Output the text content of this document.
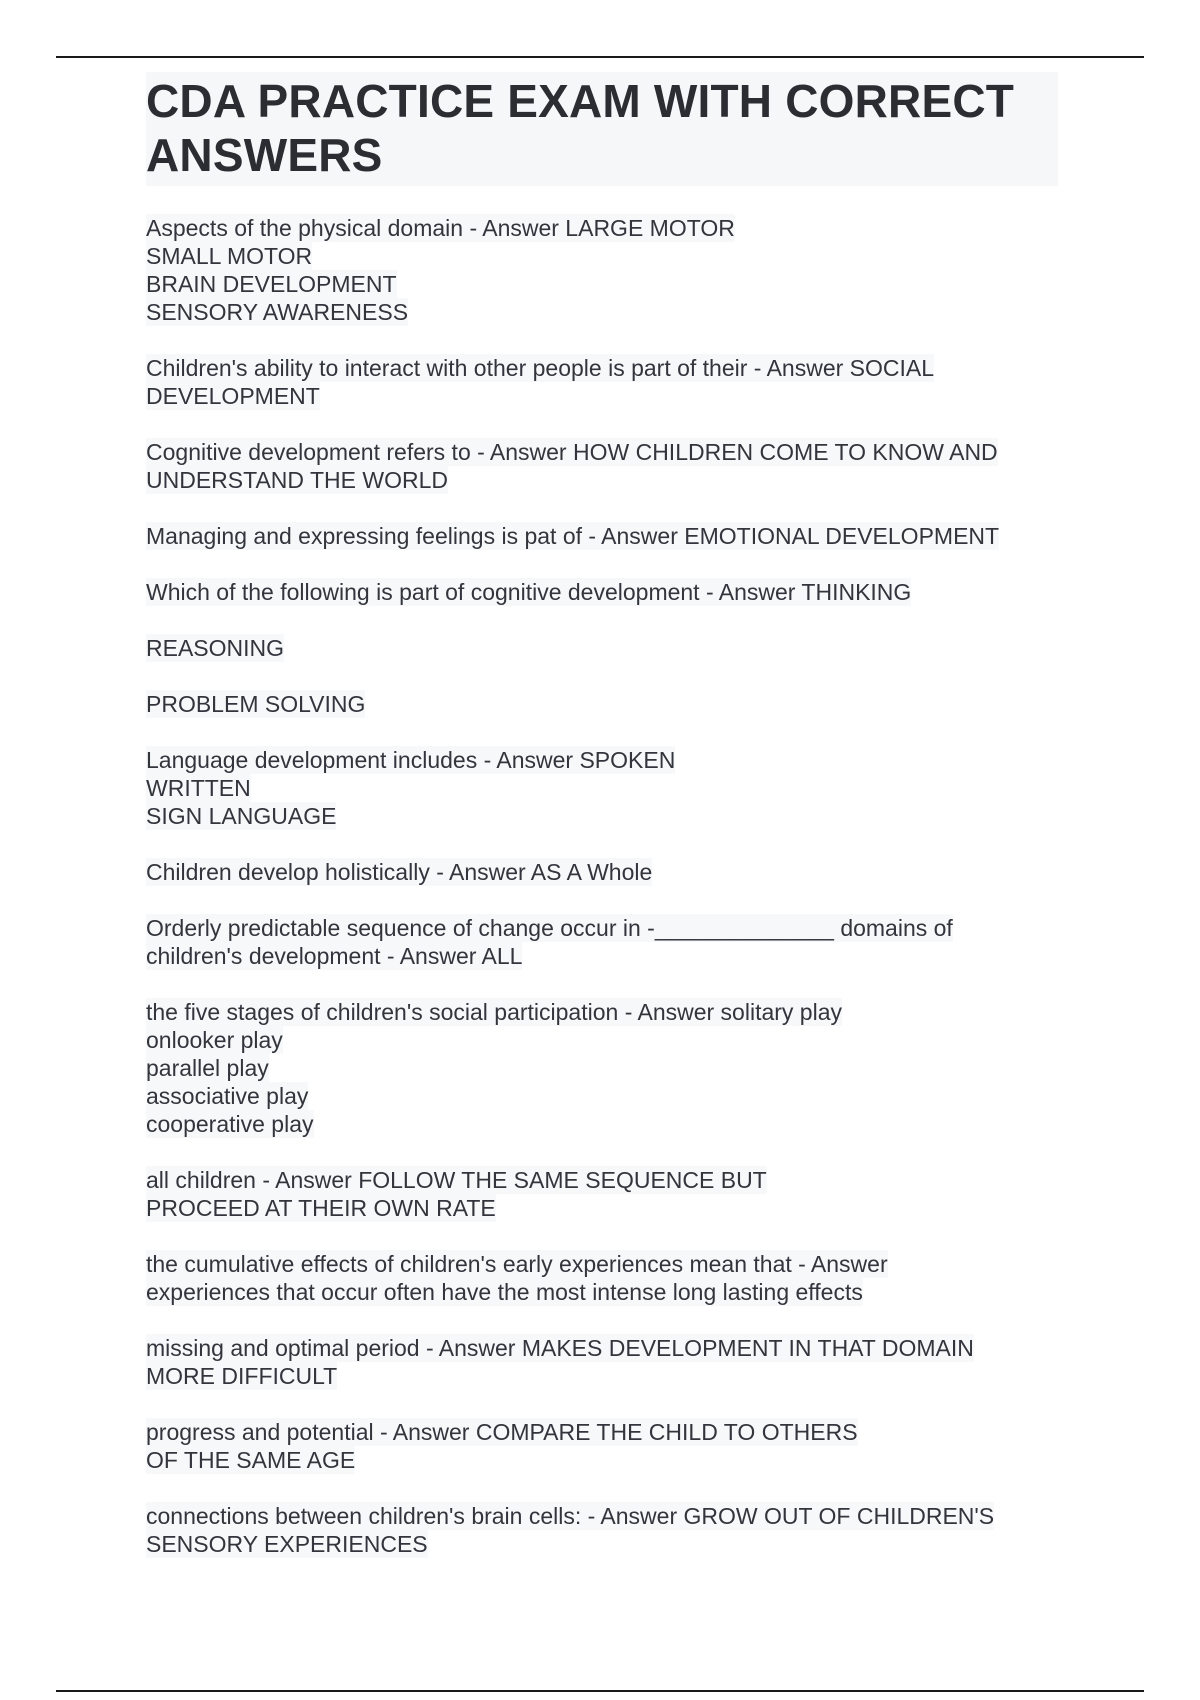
CDA PRACTICE EXAM WITH CORRECT ANSWERS
Aspects of the physical domain - Answer LARGE MOTOR
SMALL MOTOR
BRAIN DEVELOPMENT
SENSORY AWARENESS
Children's ability to interact with other people is part of their - Answer SOCIAL
DEVELOPMENT
Cognitive development refers to - Answer HOW CHILDREN COME TO KNOW AND
UNDERSTAND THE WORLD
Managing and expressing feelings is pat of - Answer EMOTIONAL DEVELOPMENT
Which of the following is part of cognitive development - Answer THINKING
REASONING
PROBLEM SOLVING
Language development includes - Answer SPOKEN
WRITTEN
SIGN LANGUAGE
Children develop holistically - Answer AS A Whole
Orderly predictable sequence of change occur in -______________ domains of
children's development - Answer ALL
the five stages of children's social participation - Answer solitary play
onlooker play
parallel play
associative play
cooperative play
all children - Answer FOLLOW THE SAME SEQUENCE BUT
PROCEED AT THEIR OWN RATE
the cumulative effects of children's early experiences mean that - Answer
experiences that occur often have the most intense long lasting effects
missing and optimal period - Answer MAKES DEVELOPMENT IN THAT DOMAIN
MORE DIFFICULT
progress and potential - Answer COMPARE THE CHILD TO OTHERS
OF THE SAME AGE
connections between children's brain cells: - Answer GROW OUT OF CHILDREN'S
SENSORY EXPERIENCES
